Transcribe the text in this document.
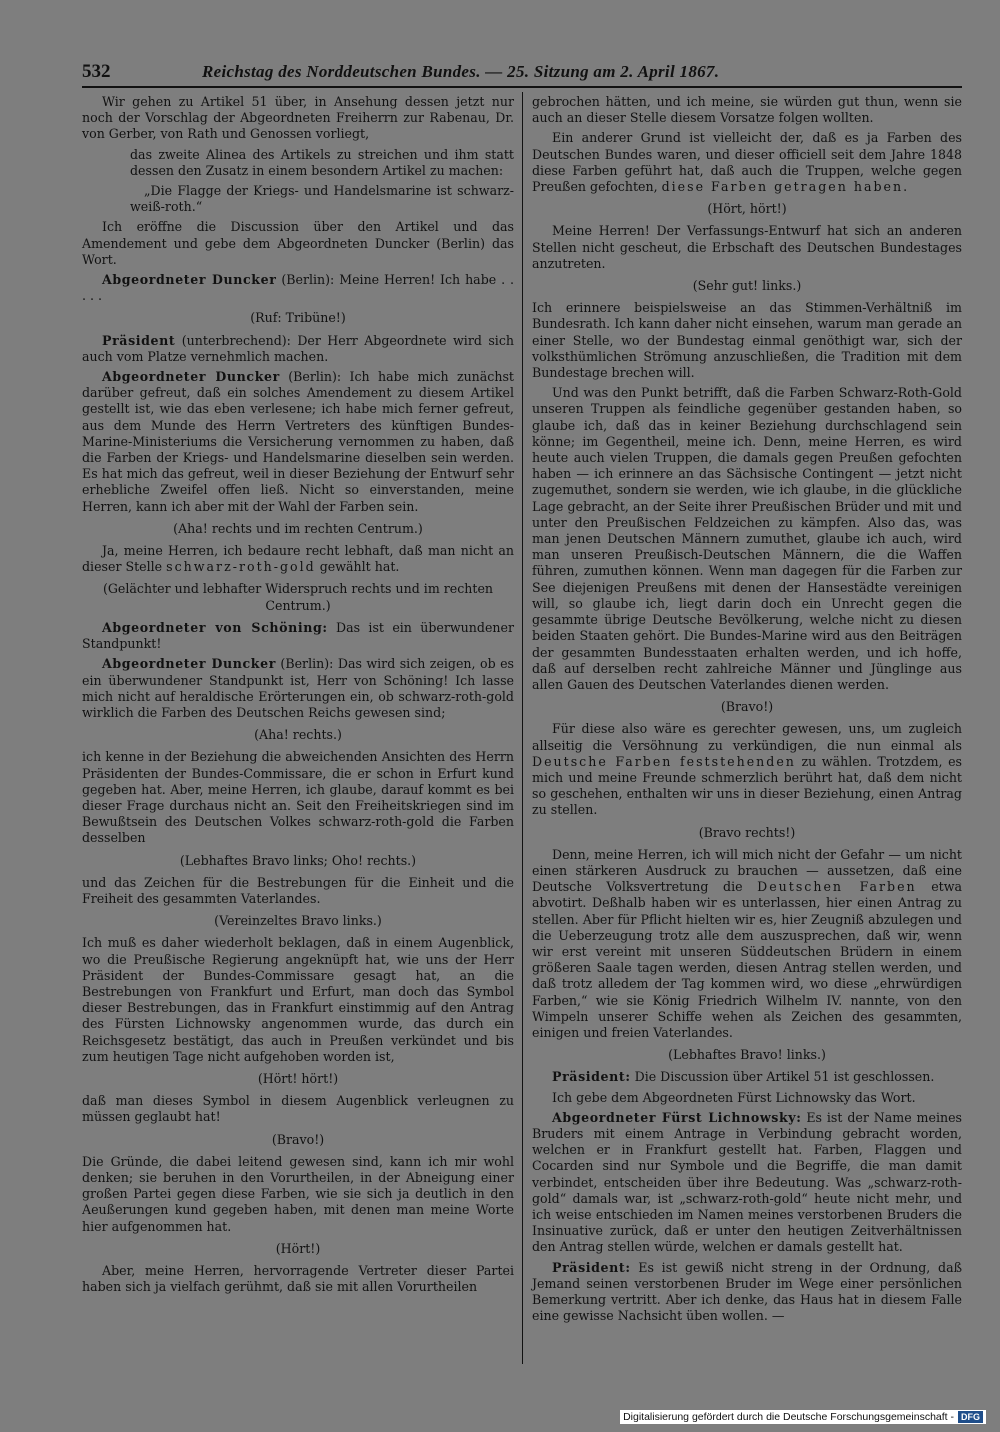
532	Reichstag des Norddeutschen Bundes. — 25. Sitzung am 2. April 1867.

Wir gehen zu Artikel 51 über, in Ansehung dessen jetzt nur noch der Vorschlag der Abgeordneten Freiherrn zur Rabenau, Dr. von Gerber, von Rath und Genossen vorliegt,

das zweite Alinea des Artikels zu streichen und ihm statt dessen den Zusatz in einem besondern Artikel zu machen:

„Die Flagge der Kriegs- und Handelsmarine ist schwarz-weiß-roth.“

Ich eröffne die Discussion über den Artikel und das Amendement und gebe dem Abgeordneten Duncker (Berlin) das Wort.

Abgeordneter Duncker (Berlin): Meine Herren! Ich habe . . . . .

(Ruf: Tribüne!)

Präsident (unterbrechend): Der Herr Abgeordnete wird sich auch vom Platze vernehmlich machen.

Abgeordneter Duncker (Berlin): Ich habe mich zunächst darüber gefreut, daß ein solches Amendement zu diesem Artikel gestellt ist, wie das eben verlesene; ich habe mich ferner gefreut, aus dem Munde des Herrn Vertreters des künftigen Bundes-Marine-Ministeriums die Versicherung vernommen zu haben, daß die Farben der Kriegs- und Handelsmarine dieselben sein werden. Es hat mich das gefreut, weil in dieser Beziehung der Entwurf sehr erhebliche Zweifel offen ließ. Nicht so einverstanden, meine Herren, kann ich aber mit der Wahl der Farben sein.

(Aha! rechts und im rechten Centrum.)

Ja, meine Herren, ich bedaure recht lebhaft, daß man nicht an dieser Stelle schwarz-roth-gold gewählt hat.

(Gelächter und lebhafter Widerspruch rechts und im rechten Centrum.)

Abgeordneter von Schöning: Das ist ein überwundener Standpunkt!

Abgeordneter Duncker (Berlin): Das wird sich zeigen, ob es ein überwundener Standpunkt ist, Herr von Schöning! Ich lasse mich nicht auf heraldische Erörterungen ein, ob schwarz-roth-gold wirklich die Farben des Deutschen Reichs gewesen sind;

(Aha! rechts.)

ich kenne in der Beziehung die abweichenden Ansichten des Herrn Präsidenten der Bundes-Commissare, die er schon in Erfurt kund gegeben hat. Aber, meine Herren, ich glaube, darauf kommt es bei dieser Frage durchaus nicht an. Seit den Freiheitskriegen sind im Bewußtsein des Deutschen Volkes schwarz-roth-gold die Farben desselben

(Lebhaftes Bravo links; Oho! rechts.)

und das Zeichen für die Bestrebungen für die Einheit und die Freiheit des gesammten Vaterlandes.

(Vereinzeltes Bravo links.)

Ich muß es daher wiederholt beklagen, daß in einem Augenblick, wo die Preußische Regierung angeknüpft hat, wie uns der Herr Präsident der Bundes-Commissare gesagt hat, an die Bestrebungen von Frankfurt und Erfurt, man doch das Symbol dieser Bestrebungen, das in Frankfurt einstimmig auf den Antrag des Fürsten Lichnowsky angenommen wurde, das durch ein Reichsgesetz bestätigt, das auch in Preußen verkündet und bis zum heutigen Tage nicht aufgehoben worden ist,

(Hört! hört!)

daß man dieses Symbol in diesem Augenblick verleugnen zu müssen geglaubt hat!

(Bravo!)

Die Gründe, die dabei leitend gewesen sind, kann ich mir wohl denken; sie beruhen in den Vorurtheilen, in der Abneigung einer großen Partei gegen diese Farben, wie sie sich ja deutlich in den Aeußerungen kund gegeben haben, mit denen man meine Worte hier aufgenommen hat.

(Hört!)

Aber, meine Herren, hervorragende Vertreter dieser Partei haben sich ja vielfach gerühmt, daß sie mit allen Vorurtheilen

gebrochen hätten, und ich meine, sie würden gut thun, wenn sie auch an dieser Stelle diesem Vorsatze folgen wollten.

Ein anderer Grund ist vielleicht der, daß es ja Farben des Deutschen Bundes waren, und dieser officiell seit dem Jahre 1848 diese Farben geführt hat, daß auch die Truppen, welche gegen Preußen gefochten, diese Farben getragen haben.

(Hört, hört!)

Meine Herren! Der Verfassungs-Entwurf hat sich an anderen Stellen nicht gescheut, die Erbschaft des Deutschen Bundestages anzutreten.

(Sehr gut! links.)

Ich erinnere beispielsweise an das Stimmen-Verhältniß im Bundesrath. Ich kann daher nicht einsehen, warum man gerade an einer Stelle, wo der Bundestag einmal genöthigt war, sich der volksthümlichen Strömung anzuschließen, die Tradition mit dem Bundestage brechen will.

Und was den Punkt betrifft, daß die Farben Schwarz-Roth-Gold unseren Truppen als feindliche gegenüber gestanden haben, so glaube ich, daß das in keiner Beziehung durchschlagend sein könne; im Gegentheil, meine ich. Denn, meine Herren, es wird heute auch vielen Truppen, die damals gegen Preußen gefochten haben — ich erinnere an das Sächsische Contingent — jetzt nicht zugemuthet, sondern sie werden, wie ich glaube, in die glückliche Lage gebracht, an der Seite ihrer Preußischen Brüder und mit und unter den Preußischen Feldzeichen zu kämpfen. Also das, was man jenen Deutschen Männern zumuthet, glaube ich auch, wird man unseren Preußisch-Deutschen Männern, die die Waffen führen, zumuthen können. Wenn man dagegen für die Farben zur See diejenigen Preußens mit denen der Hansestädte vereinigen will, so glaube ich, liegt darin doch ein Unrecht gegen die gesammte übrige Deutsche Bevölkerung, welche nicht zu diesen beiden Staaten gehört. Die Bundes-Marine wird aus den Beiträgen der gesammten Bundesstaaten erhalten werden, und ich hoffe, daß auf derselben recht zahlreiche Männer und Jünglinge aus allen Gauen des Deutschen Vaterlandes dienen werden.

(Bravo!)

Für diese also wäre es gerechter gewesen, uns, um zugleich allseitig die Versöhnung zu verkündigen, die nun einmal als Deutsche Farben feststehenden zu wählen. Trotzdem, es mich und meine Freunde schmerzlich berührt hat, daß dem nicht so geschehen, enthalten wir uns in dieser Beziehung, einen Antrag zu stellen.

(Bravo rechts!)

Denn, meine Herren, ich will mich nicht der Gefahr — um nicht einen stärkeren Ausdruck zu brauchen — aussetzen, daß eine Deutsche Volksvertretung die Deutschen Farben etwa abvotirt. Deßhalb haben wir es unterlassen, hier einen Antrag zu stellen. Aber für Pflicht hielten wir es, hier Zeugniß abzulegen und die Ueberzeugung trotz alle dem auszusprechen, daß wir, wenn wir erst vereint mit unseren Süddeutschen Brüdern in einem größeren Saale tagen werden, diesen Antrag stellen werden, und daß trotz alledem der Tag kommen wird, wo diese „ehrwürdigen Farben,“ wie sie König Friedrich Wilhelm IV. nannte, von den Wimpeln unserer Schiffe wehen als Zeichen des gesammten, einigen und freien Vaterlandes.

(Lebhaftes Bravo! links.)

Präsident: Die Discussion über Artikel 51 ist geschlossen.

Ich gebe dem Abgeordneten Fürst Lichnowsky das Wort.

Abgeordneter Fürst Lichnowsky: Es ist der Name meines Bruders mit einem Antrage in Verbindung gebracht worden, welchen er in Frankfurt gestellt hat. Farben, Flaggen und Cocarden sind nur Symbole und die Begriffe, die man damit verbindet, entscheiden über ihre Bedeutung. Was „schwarz-roth-gold“ damals war, ist „schwarz-roth-gold“ heute nicht mehr, und ich weise entschieden im Namen meines verstorbenen Bruders die Insinuative zurück, daß er unter den heutigen Zeitverhältnissen den Antrag stellen würde, welchen er damals gestellt hat.

Präsident: Es ist gewiß nicht streng in der Ordnung, daß Jemand seinen verstorbenen Bruder im Wege einer persönlichen Bemerkung vertritt. Aber ich denke, das Haus hat in diesem Falle eine gewisse Nachsicht üben wollen. —

Digitalisierung gefördert durch die Deutsche Forschungsgemeinschaft - DFG
